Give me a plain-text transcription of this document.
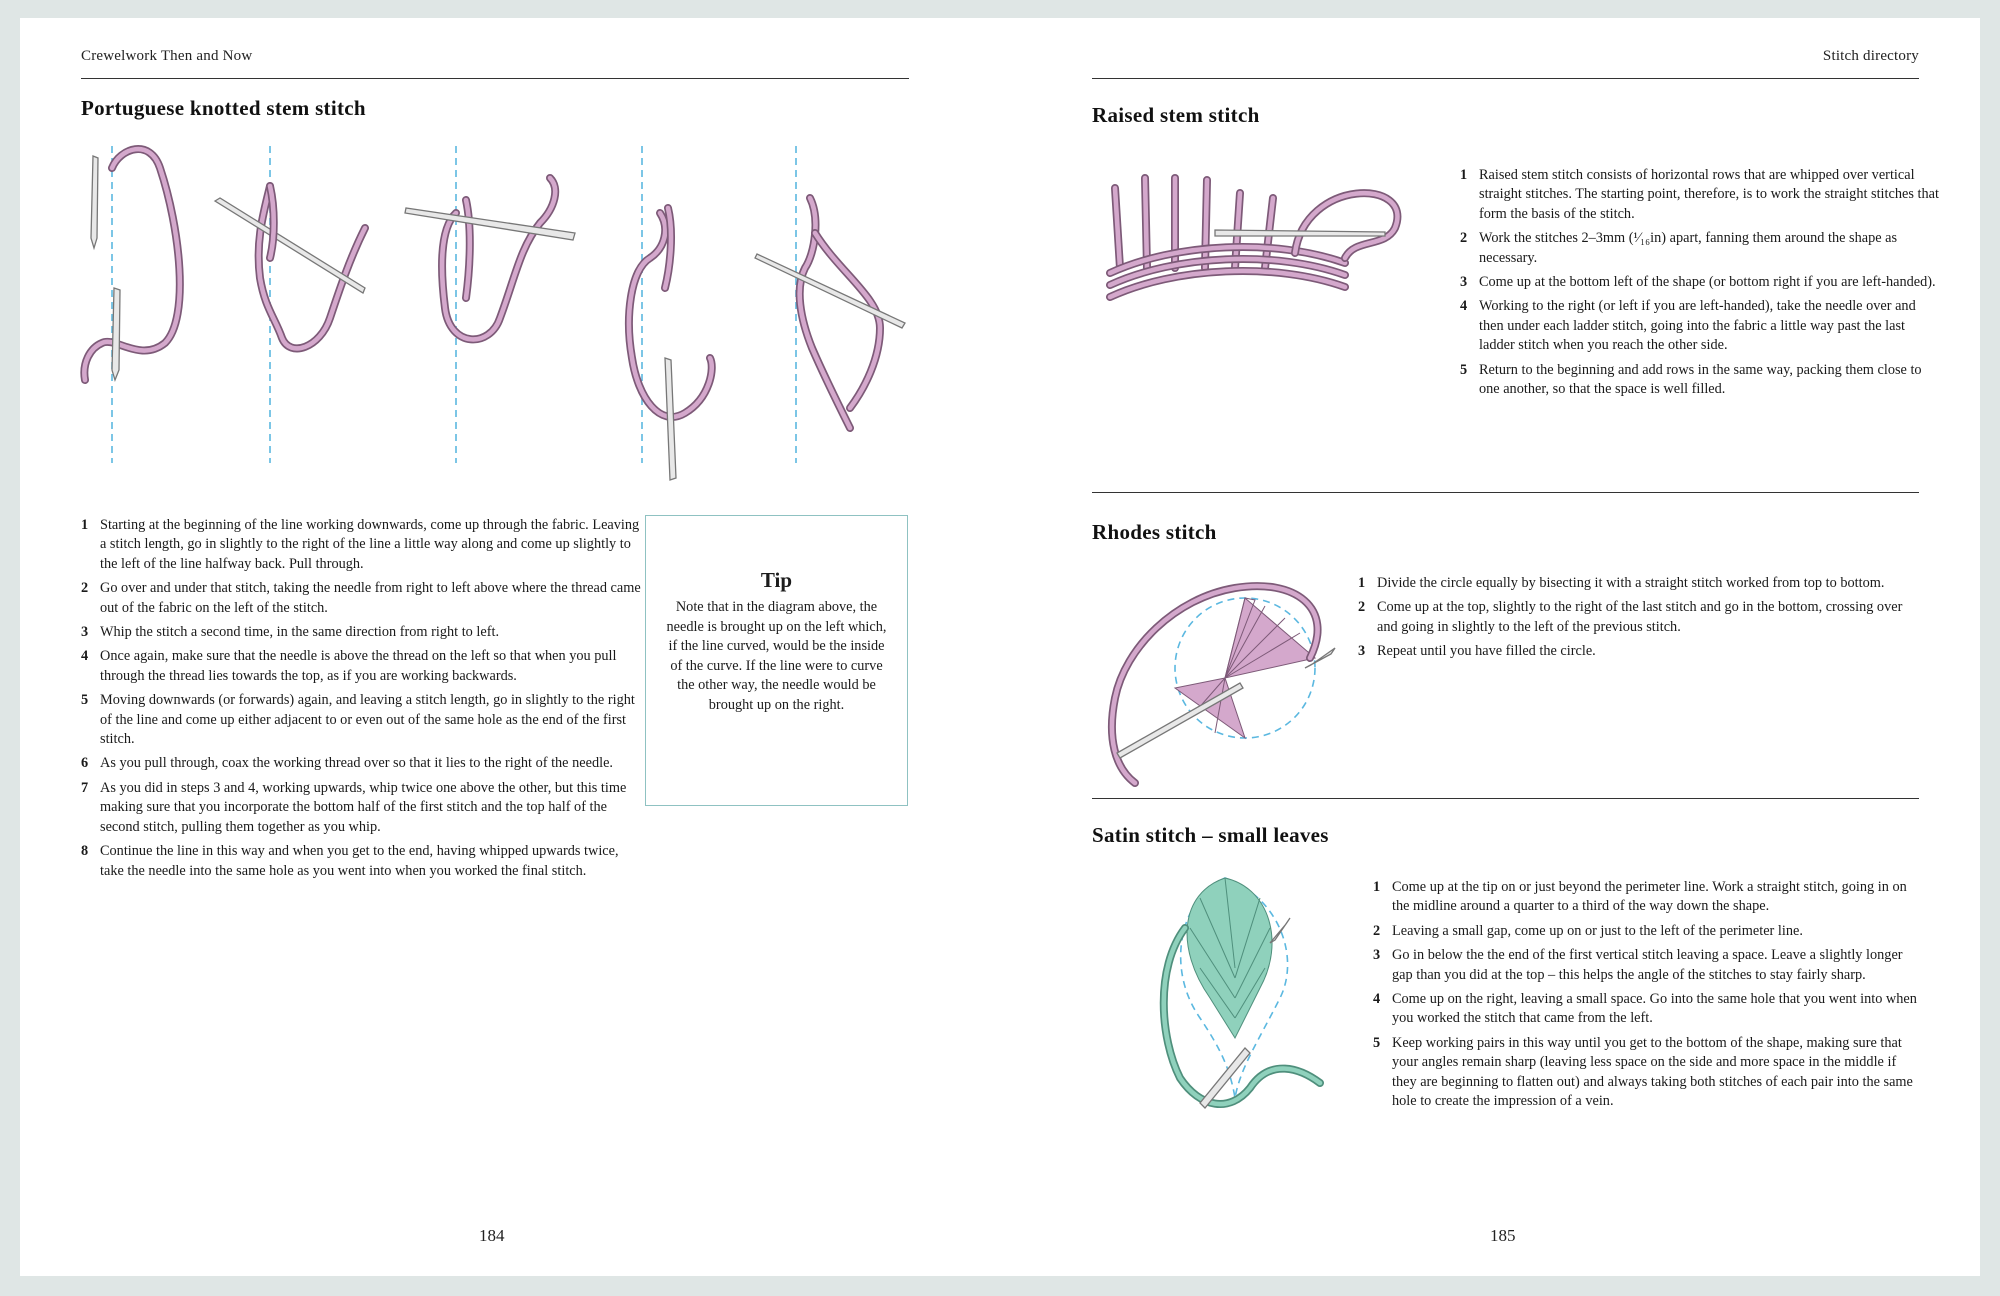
Crewelwork Then and Now
Portuguese knotted stem stitch
1 Starting at the beginning of the line working downwards, come up through the fabric. Leaving a stitch length, go in slightly to the right of the line a little way along and come up slightly to the left of the line halfway back. Pull through.
2 Go over and under that stitch, taking the needle from right to left above where the thread came out of the fabric on the left of the stitch.
3 Whip the stitch a second time, in the same direction from right to left.
4 Once again, make sure that the needle is above the thread on the left so that when you pull through the thread lies towards the top, as if you are working backwards.
5 Moving downwards (or forwards) again, and leaving a stitch length, go in slightly to the right of the line and come up either adjacent to or even out of the same hole as the end of the first stitch.
6 As you pull through, coax the working thread over so that it lies to the right of the needle.
7 As you did in steps 3 and 4, working upwards, whip twice one above the other, but this time making sure that you incorporate the bottom half of the first stitch and the top half of the second stitch, pulling them together as you whip.
8 Continue the line in this way and when you get to the end, having whipped upwards twice, take the needle into the same hole as you went into when you worked the final stitch.
Tip
Note that in the diagram above, the needle is brought up on the left which, if the line curved, would be the inside of the curve. If the line were to curve the other way, the needle would be brought up on the right.
184
Stitch directory
Raised stem stitch
1 Raised stem stitch consists of horizontal rows that are whipped over vertical straight stitches. The starting point, therefore, is to work the straight stitches that form the basis of the stitch.
2 Work the stitches 2–3mm (¹⁄₁₆in) apart, fanning them around the shape as necessary.
3 Come up at the bottom left of the shape (or bottom right if you are left-handed).
4 Working to the right (or left if you are left-handed), take the needle over and then under each ladder stitch, going into the fabric a little way past the last ladder stitch when you reach the other side.
5 Return to the beginning and add rows in the same way, packing them close to one another, so that the space is well filled.
Rhodes stitch
1 Divide the circle equally by bisecting it with a straight stitch worked from top to bottom.
2 Come up at the top, slightly to the right of the last stitch and go in the bottom, crossing over and going in slightly to the left of the previous stitch.
3 Repeat until you have filled the circle.
Satin stitch – small leaves
1 Come up at the tip on or just beyond the perimeter line. Work a straight stitch, going in on the midline around a quarter to a third of the way down the shape.
2 Leaving a small gap, come up on or just to the left of the perimeter line.
3 Go in below the the end of the first vertical stitch leaving a space. Leave a slightly longer gap than you did at the top – this helps the angle of the stitches to stay fairly sharp.
4 Come up on the right, leaving a small space. Go into the same hole that you went into when you worked the stitch that came from the left.
5 Keep working pairs in this way until you get to the bottom of the shape, making sure that your angles remain sharp (leaving less space on the side and more space in the middle if they are beginning to flatten out) and always taking both stitches of each pair into the same hole to create the impression of a vein.
185
